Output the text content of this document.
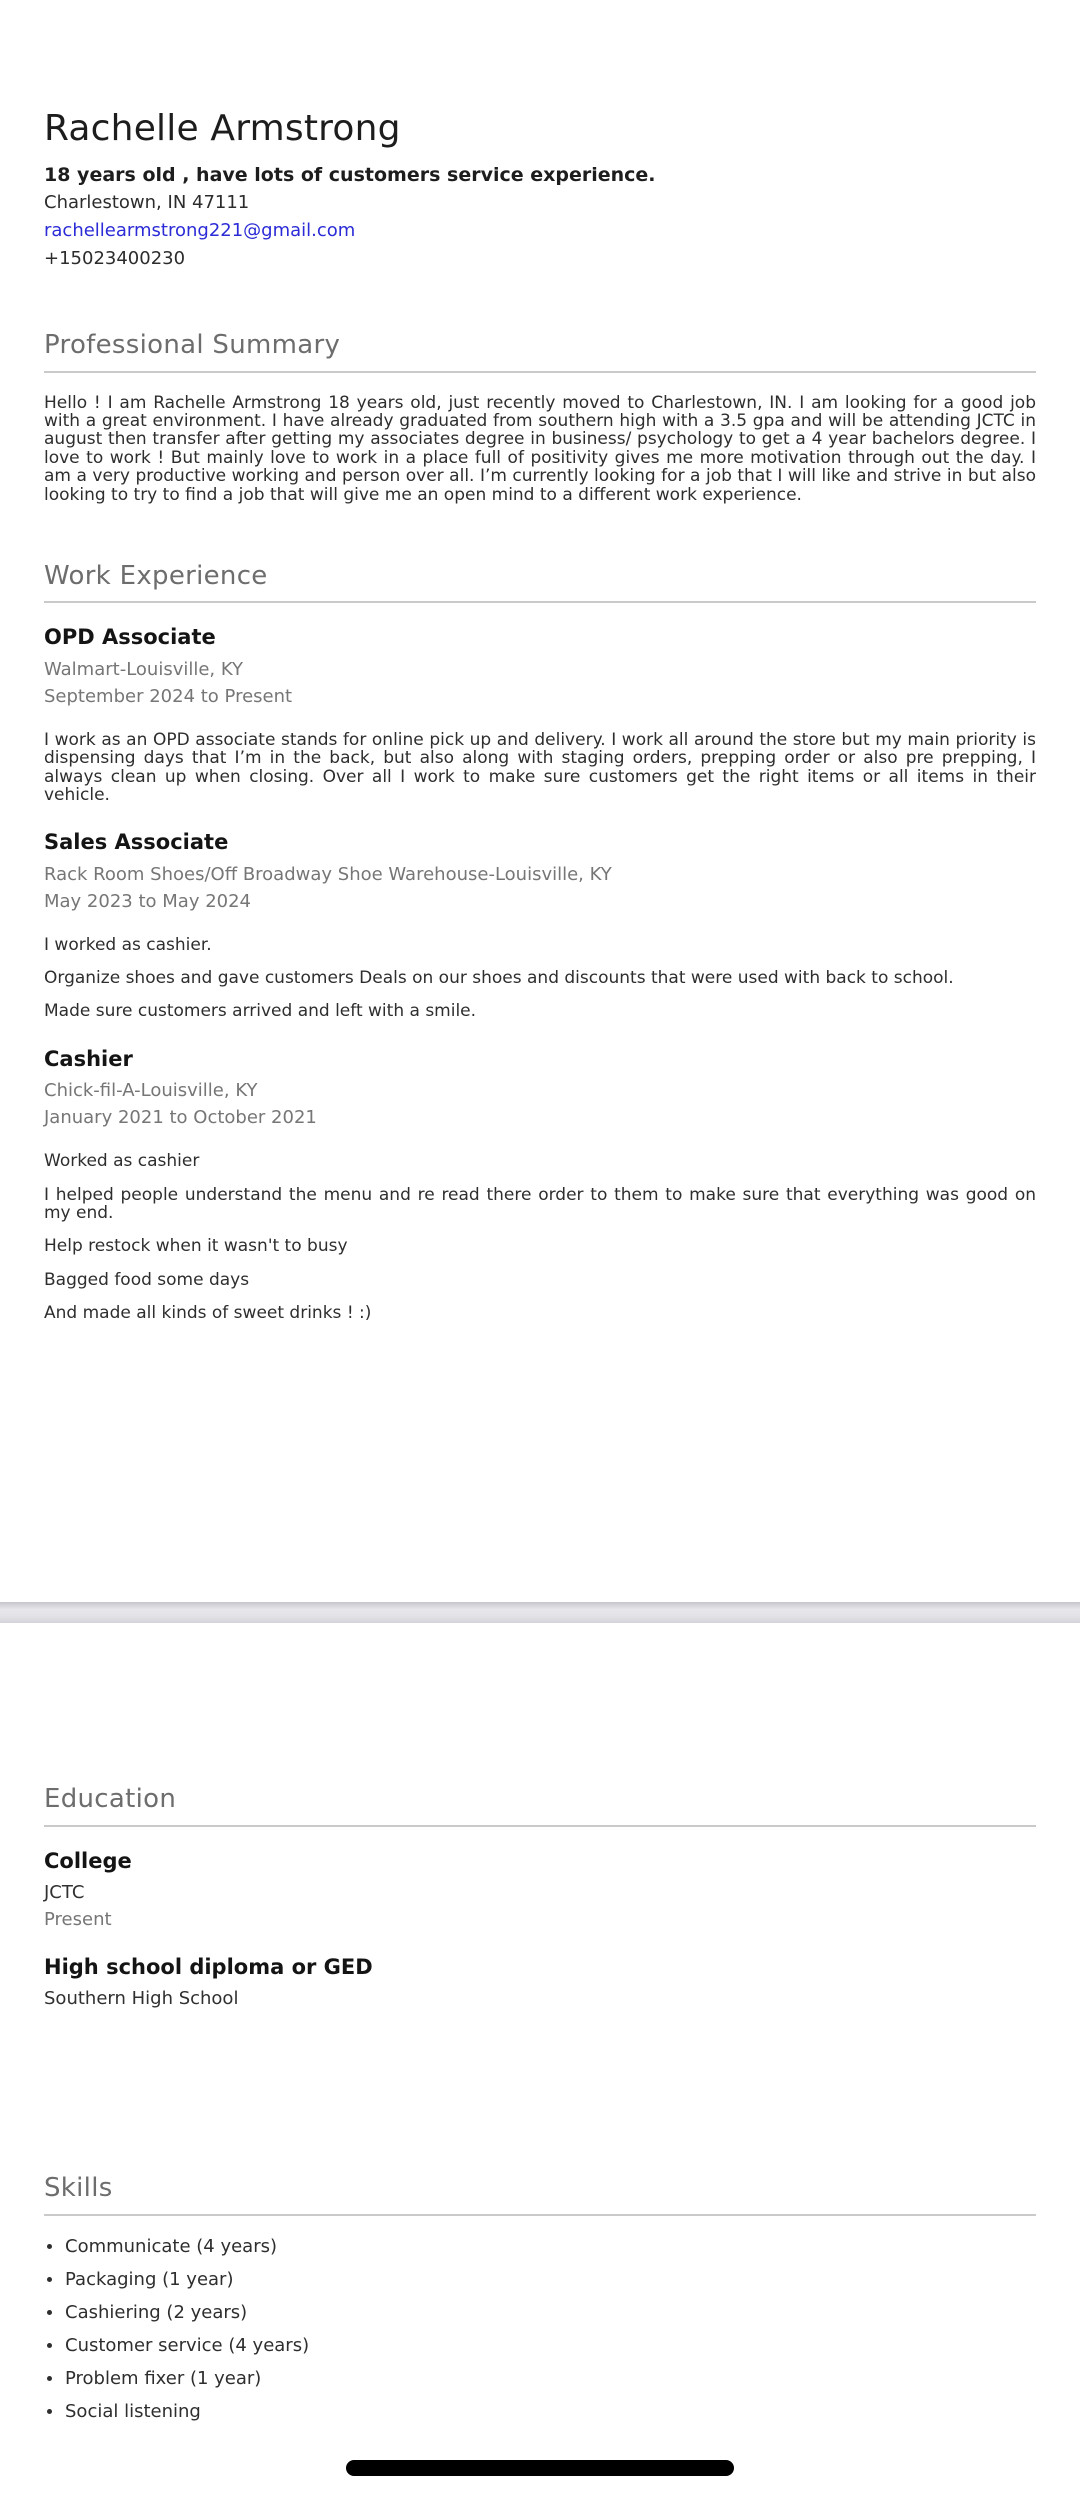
Rachelle Armstrong

18 years old , have lots of customers service experience.

Charlestown, IN 47111

rachellearmstrong221@gmail.com

+15023400230

Professional Summary

Hello ! I am Rachelle Armstrong 18 years old, just recently moved to Charlestown, IN. I am looking for a good job with a great environment. I have already graduated from southern high with a 3.5 gpa and will be attending JCTC in august then transfer after getting my associates degree in business/ psychology to get a 4 year bachelors degree. I love to work ! But mainly love to work in a place full of positivity gives me more motivation through out the day. I am a very productive working and person over all. I’m currently looking for a job that I will like and strive in but also looking to try to find a job that will give me an open mind to a different work experience.

Work Experience
OPD Associate

Walmart-Louisville, KY

September 2024 to Present

I work as an OPD associate stands for online pick up and delivery. I work all around the store but my main priority is dispensing days that I’m in the back, but also along with staging orders, prepping order or also pre prepping, I always clean up when closing. Over all I work to make sure customers get the right items or all items in their vehicle.

Sales Associate

Rack Room Shoes/Off Broadway Shoe Warehouse-Louisville, KY

May 2023 to May 2024

I worked as cashier.

Organize shoes and gave customers Deals on our shoes and discounts that were used with back to school.

Made sure customers arrived and left with a smile.

Cashier

Chick-fil-A-Louisville, KY

January 2021 to October 2021

Worked as cashier

I helped people understand the menu and re read there order to them to make sure that everything was good on my end.

Help restock when it wasn't to busy

Bagged food some days

And made all kinds of sweet drinks ! :)

Education
College

JCTC

Present

High school diploma or GED

Southern High School

Skills
Communicate (4 years)
Packaging (1 year)
Cashiering (2 years)
Customer service (4 years)
Problem fixer (1 year)
Social listening
